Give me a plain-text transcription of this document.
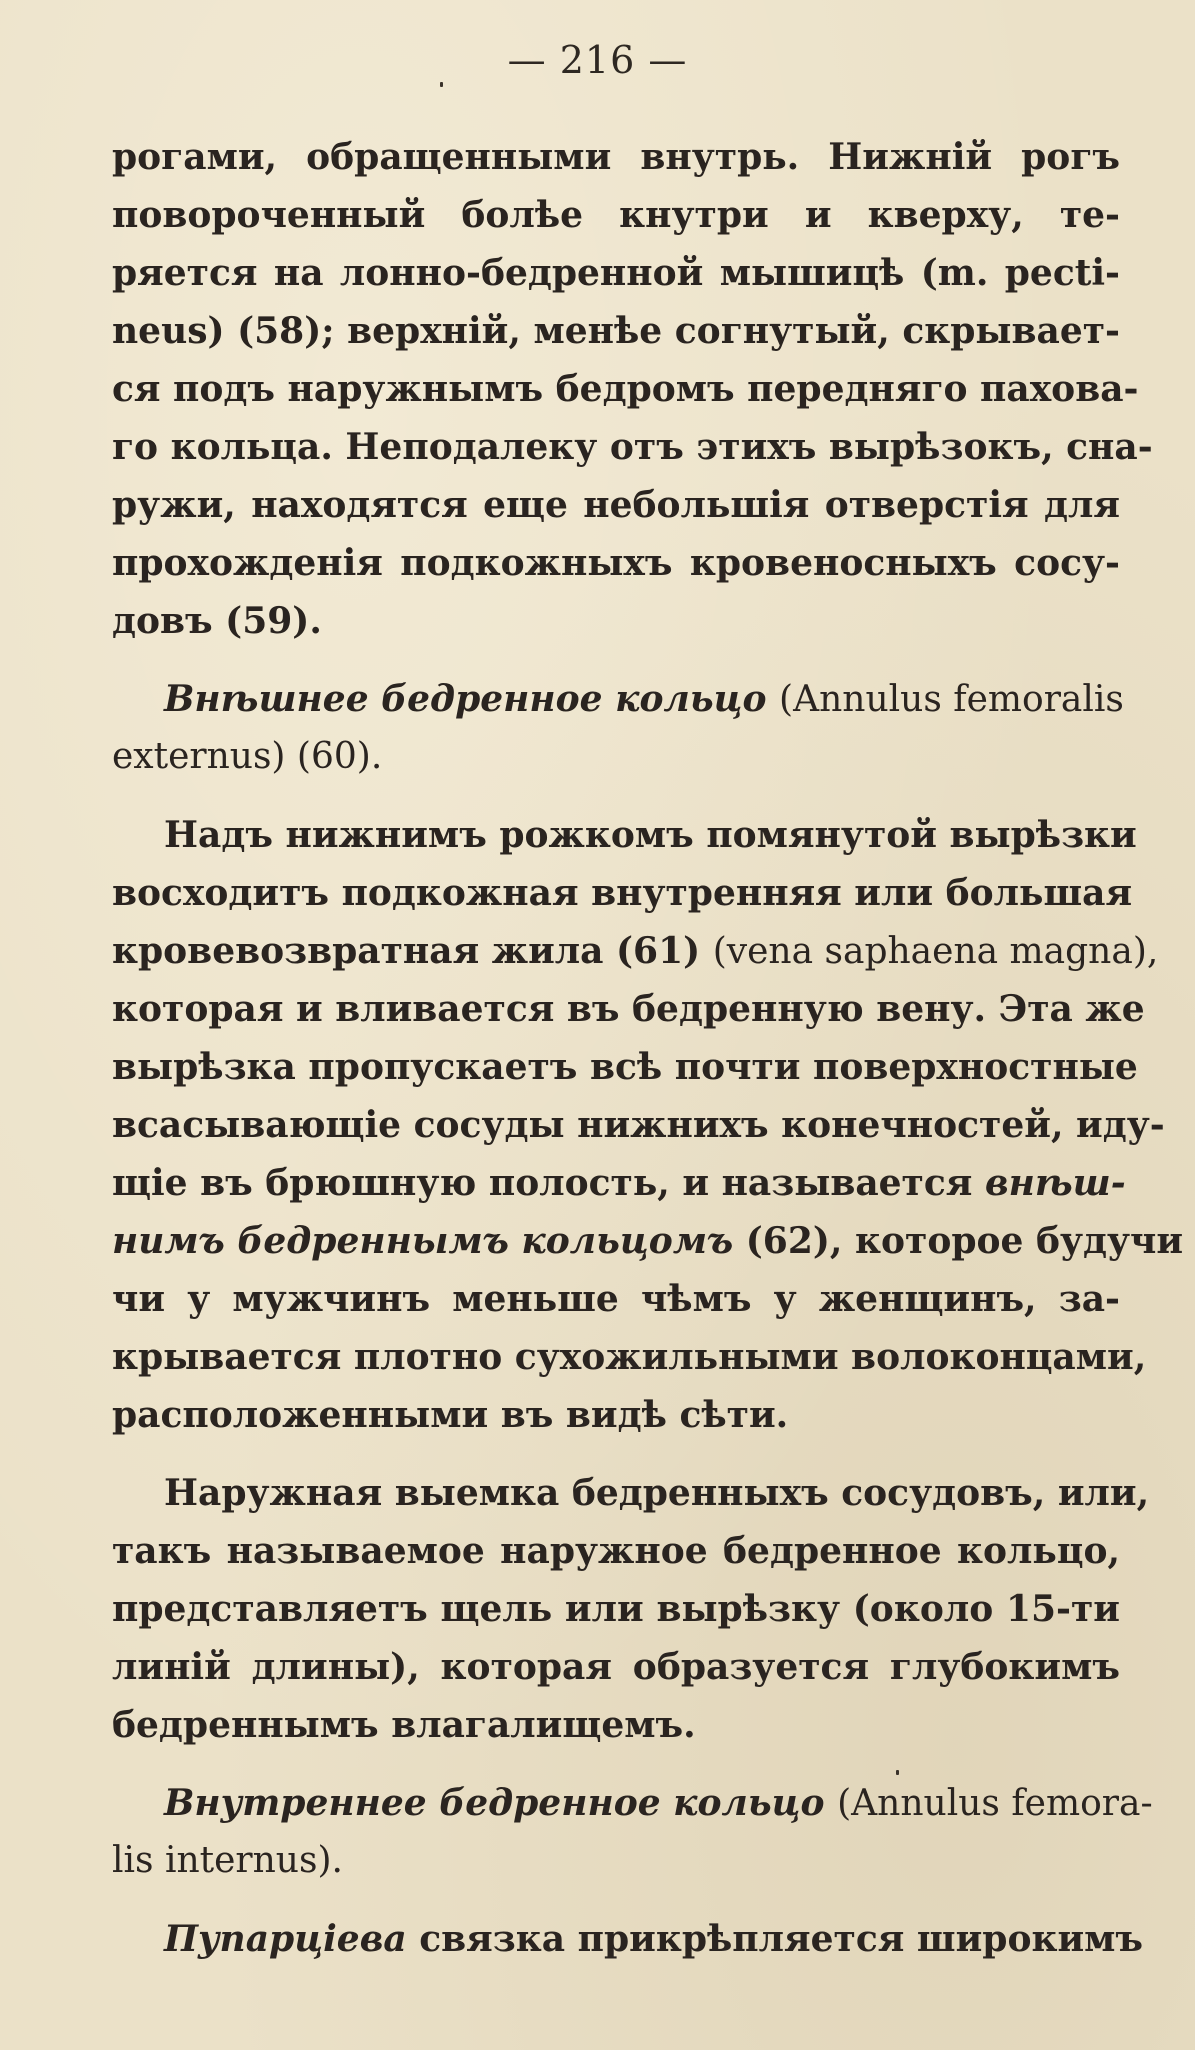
— 216 —
рогами, обращенными внутрь. Нижній рогъ
повороченный болѣе кнутри и кверху, те-
ряется на лонно-бедренной мышицѣ (m. pecti-
neus) (58); верхній, менѣе согнутый, скрывает-
ся подъ наружнымъ бедромъ передняго пахова-
го кольца. Неподалеку отъ этихъ вырѣзокъ, сна-
ружи, находятся еще небольшія отверстія для
прохожденія подкожныхъ кровеносныхъ сосу-
довъ (59).
Внѣшнее бедренное кольцо (Annulus femoralis
externus) (60).
Надъ нижнимъ рожкомъ помянутой вырѣзки
восходитъ подкожная внутренняя или большая
кровевозвратная жила (61) (vena saphaena magna),
которая и вливается въ бедренную вену. Эта же
вырѣзка пропускаетъ всѣ почти поверхностные
всасывающіе сосуды нижнихъ конечностей, иду-
щіе въ брюшную полость, и называется внѣш-
нимъ бедреннымъ кольцомъ (62), которое будучи
чи у мужчинъ меньше чѣмъ у женщинъ, за-
крывается плотно сухожильными волоконцами,
расположенными въ видѣ сѣти.
Наружная выемка бедренныхъ сосудовъ, или,
такъ называемое наружное бедренное кольцо,
представляетъ щель или вырѣзку (около 15-ти
линій длины), которая образуется глубокимъ
бедреннымъ влагалищемъ.
Внутреннее бедренное кольцо (Annulus femora-
lis internus).
Пупарціева связка прикрѣпляется широкимъ
